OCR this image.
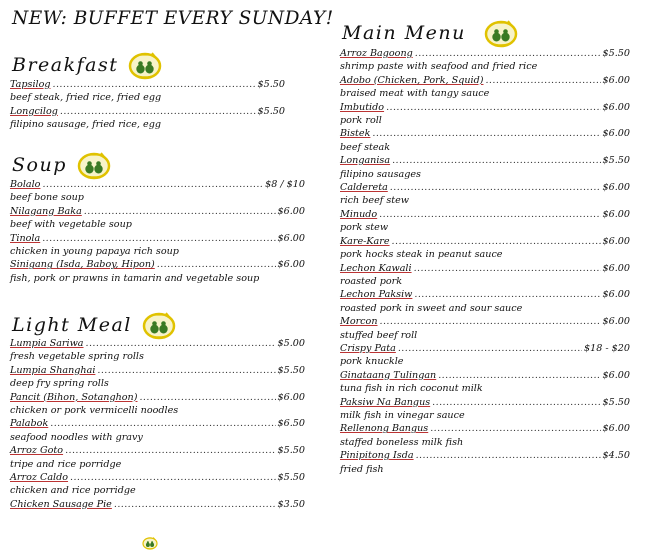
NEW: BUFFET EVERY SUNDAY!
Breakfast
Tapsilog .....	$5.50
beef steak, fried rice, fried egg
Longcilog .....	$5.50
filipino sausage, fried rice, egg
Soup
Bolalo .....	$8 / $10
beef bone soup
Nilagang Baka .....	$6.00
beef with vegetable soup
Tinola .....	$6.00
chicken in young papaya rich soup
Sinigang (Isda, Baboy, Hipon) .....	$6.00
fish, pork or prawns in tamarin and vegetable soup
Light Meal
Lumpia Sariwa .....	$5.00
fresh vegetable spring rolls
Lumpia Shanghai .....	$5.50
deep fry spring rolls
Pancit (Bihon, Sotanghon) .....	$6.00
chicken or pork vermicelli noodles
Palabok .....	$6.50
seafood noodles with gravy
Arroz Goto .....	$5.50
tripe and rice porridge
Arroz Caldo .....	$5.50
chicken and rice porridge
Chicken Sausage Pie .....	$3.50
Main Menu
Arroz Bagoong .....	$5.50
shrimp paste with seafood and fried rice
Adobo (Chicken, Pork, Squid) .....	$6.00
braised meat with tangy sauce
Imbutido .....	$6.00
pork roll
Bistek .....	$6.00
beef steak
Longanisa .....	$5.50
filipino sausages
Caldereta .....	$6.00
rich beef stew
Minudo .....	$6.00
pork stew
Kare-Kare .....	$6.00
pork hocks steak in peanut sauce
Lechon Kawali .....	$6.00
roasted pork
Lechon Paksiw .....	$6.00
roasted pork in sweet and sour sauce
Morcon .....	$6.00
stuffed beef roll
Crispy Pata .....	$18 - $20
pork knuckle
Ginataang Tulingan .....	$6.00
tuna fish in rich coconut milk
Paksiw Na Bangus .....	$5.50
milk fish in vinegar sauce
Rellenong Bangus .....	$6.00
staffed boneless milk fish
Pinipitong Isda .....	$4.50
fried fish
